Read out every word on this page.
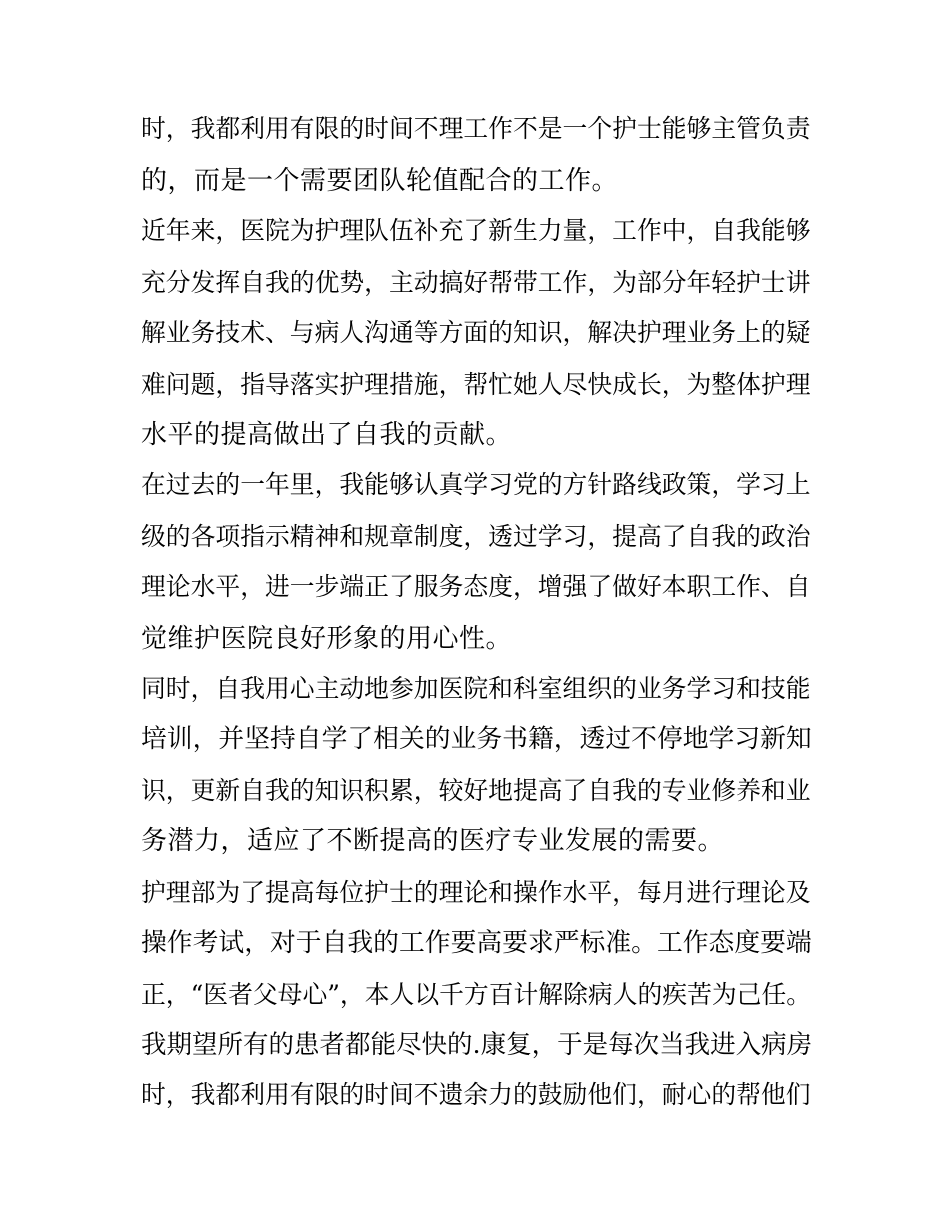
时，我都利用有限的时间不理工作不是一个护士能够主管负责
的，而是一个需要团队轮值配合的工作。
近年来，医院为护理队伍补充了新生力量，工作中，自我能够
充分发挥自我的优势，主动搞好帮带工作，为部分年轻护士讲
解业务技术、与病人沟通等方面的知识，解决护理业务上的疑
难问题，指导落实护理措施，帮忙她人尽快成长，为整体护理
水平的提高做出了自我的贡献。
在过去的一年里，我能够认真学习党的方针路线政策，学习上
级的各项指示精神和规章制度，透过学习，提高了自我的政治
理论水平，进一步端正了服务态度，增强了做好本职工作、自
觉维护医院良好形象的用心性。
同时，自我用心主动地参加医院和科室组织的业务学习和技能
培训，并坚持自学了相关的业务书籍，透过不停地学习新知
识，更新自我的知识积累，较好地提高了自我的专业修养和业
务潜力，适应了不断提高的医疗专业发展的需要。
护理部为了提高每位护士的理论和操作水平，每月进行理论及
操作考试，对于自我的工作要高要求严标准。工作态度要端
正，“医者父母心”，本人以千方百计解除病人的疾苦为己任。
我期望所有的患者都能尽快的.康复，于是每次当我进入病房
时，我都利用有限的时间不遗余力的鼓励他们，耐心的帮他们
